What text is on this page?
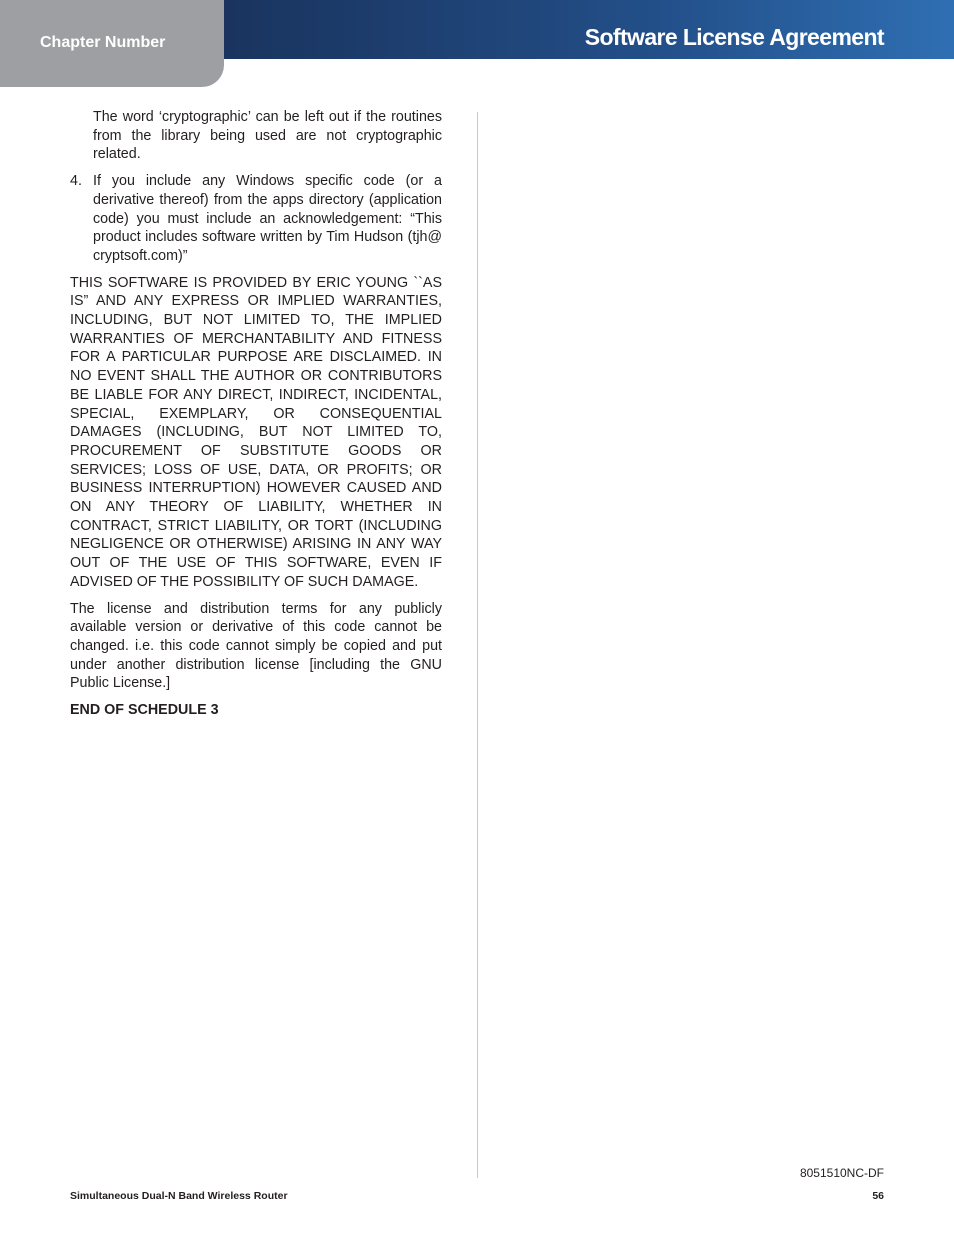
Chapter Number	Software License Agreement

The word ‘cryptographic’ can be left out if the routines from the library being used are not cryptographic related.

4. If you include any Windows specific code (or a derivative thereof) from the apps directory (application code) you must include an acknowledgement: “This product includes software written by Tim Hudson (tjh@ cryptsoft.com)”

THIS SOFTWARE IS PROVIDED BY ERIC YOUNG ``AS IS” AND ANY EXPRESS OR IMPLIED WARRANTIES, INCLUDING, BUT NOT LIMITED TO, THE IMPLIED WARRANTIES OF MERCHANTABILITY AND FITNESS FOR A PARTICULAR PURPOSE ARE DISCLAIMED. IN NO EVENT SHALL THE AUTHOR OR CONTRIBUTORS BE LIABLE FOR ANY DIRECT, INDIRECT, INCIDENTAL, SPECIAL, EXEMPLARY, OR CONSEQUENTIAL DAMAGES (INCLUDING, BUT NOT LIMITED TO, PROCUREMENT OF SUBSTITUTE GOODS OR SERVICES; LOSS OF USE, DATA, OR PROFITS; OR BUSINESS INTERRUPTION) HOWEVER CAUSED AND ON ANY THEORY OF LIABILITY, WHETHER IN CONTRACT, STRICT LIABILITY, OR TORT (INCLUDING NEGLIGENCE OR OTHERWISE) ARISING IN ANY WAY OUT OF THE USE OF THIS SOFTWARE, EVEN IF ADVISED OF THE POSSIBILITY OF SUCH DAMAGE.

The license and distribution terms for any publicly available version or derivative of this code cannot be changed. i.e. this code cannot simply be copied and put under another distribution license [including the GNU Public License.]

END OF SCHEDULE 3

8051510NC-DF
Simultaneous Dual-N Band Wireless Router	56
